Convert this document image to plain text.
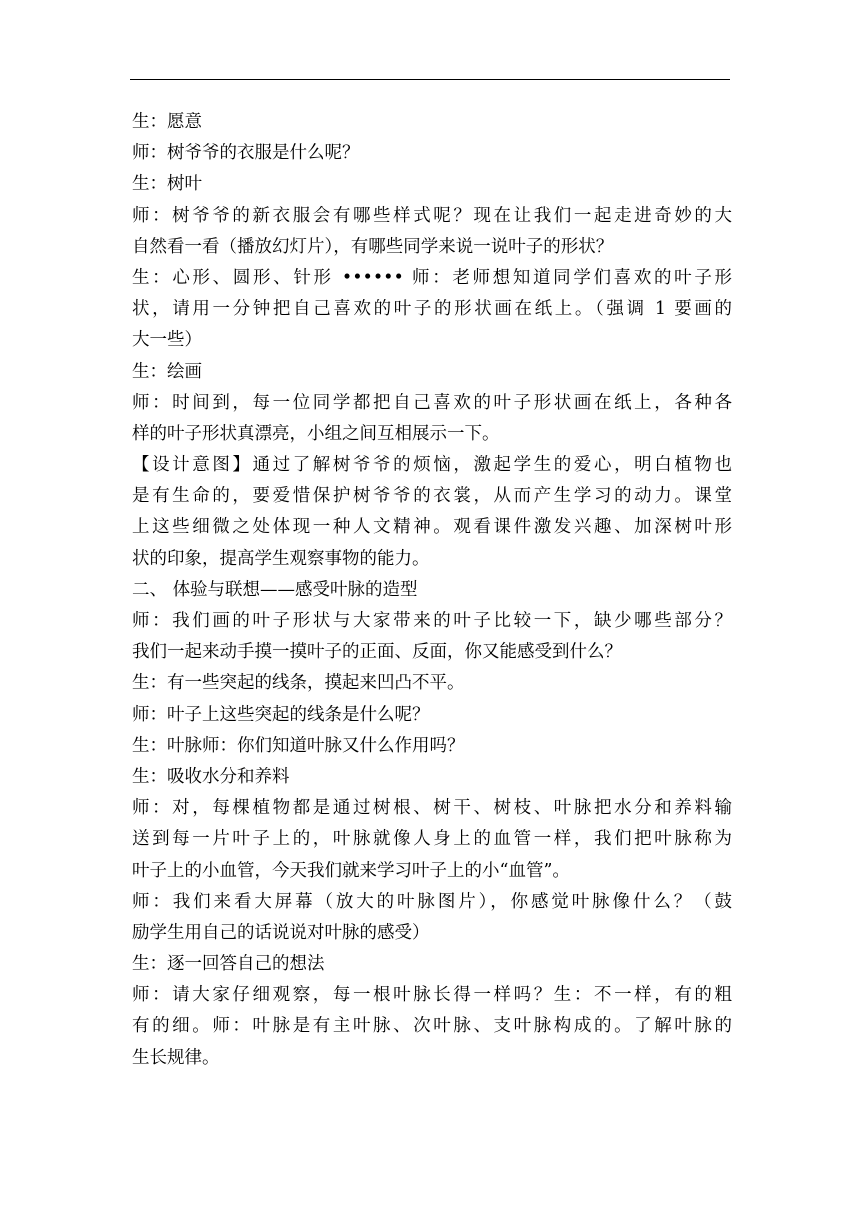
生：愿意
师：树爷爷的衣服是什么呢？
生：树叶
师：树爷爷的新衣服会有哪些样式呢？现在让我们一起走进奇妙的大
自然看一看（播放幻灯片），有哪些同学来说一说叶子的形状？
生：心形、圆形、针形 •••••• 师：老师想知道同学们喜欢的叶子形
状，请用一分钟把自己喜欢的叶子的形状画在纸上。（强调 1 要画的
大一些）
生：绘画
师：时间到，每一位同学都把自己喜欢的叶子形状画在纸上，各种各
样的叶子形状真漂亮，小组之间互相展示一下。
【设计意图】通过了解树爷爷的烦恼，激起学生的爱心，明白植物也
是有生命的，要爱惜保护树爷爷的衣裳，从而产生学习的动力。课堂
上这些细微之处体现一种人文精神。观看课件激发兴趣、加深树叶形
状的印象，提高学生观察事物的能力。
二、 体验与联想——感受叶脉的造型
师：我们画的叶子形状与大家带来的叶子比较一下，缺少哪些部分？
我们一起来动手摸一摸叶子的正面、反面，你又能感受到什么？
生：有一些突起的线条，摸起来凹凸不平。
师：叶子上这些突起的线条是什么呢？
生：叶脉师：你们知道叶脉又什么作用吗？
生：吸收水分和养料
师：对，每棵植物都是通过树根、树干、树枝、叶脉把水分和养料输
送到每一片叶子上的，叶脉就像人身上的血管一样，我们把叶脉称为
叶子上的小血管，今天我们就来学习叶子上的小“血管”。
师：我们来看大屏幕（放大的叶脉图片），你感觉叶脉像什么？（鼓
励学生用自己的话说说对叶脉的感受）
生：逐一回答自己的想法
师：请大家仔细观察，每一根叶脉长得一样吗？生：不一样，有的粗
有的细。师：叶脉是有主叶脉、次叶脉、支叶脉构成的。了解叶脉的
生长规律。
